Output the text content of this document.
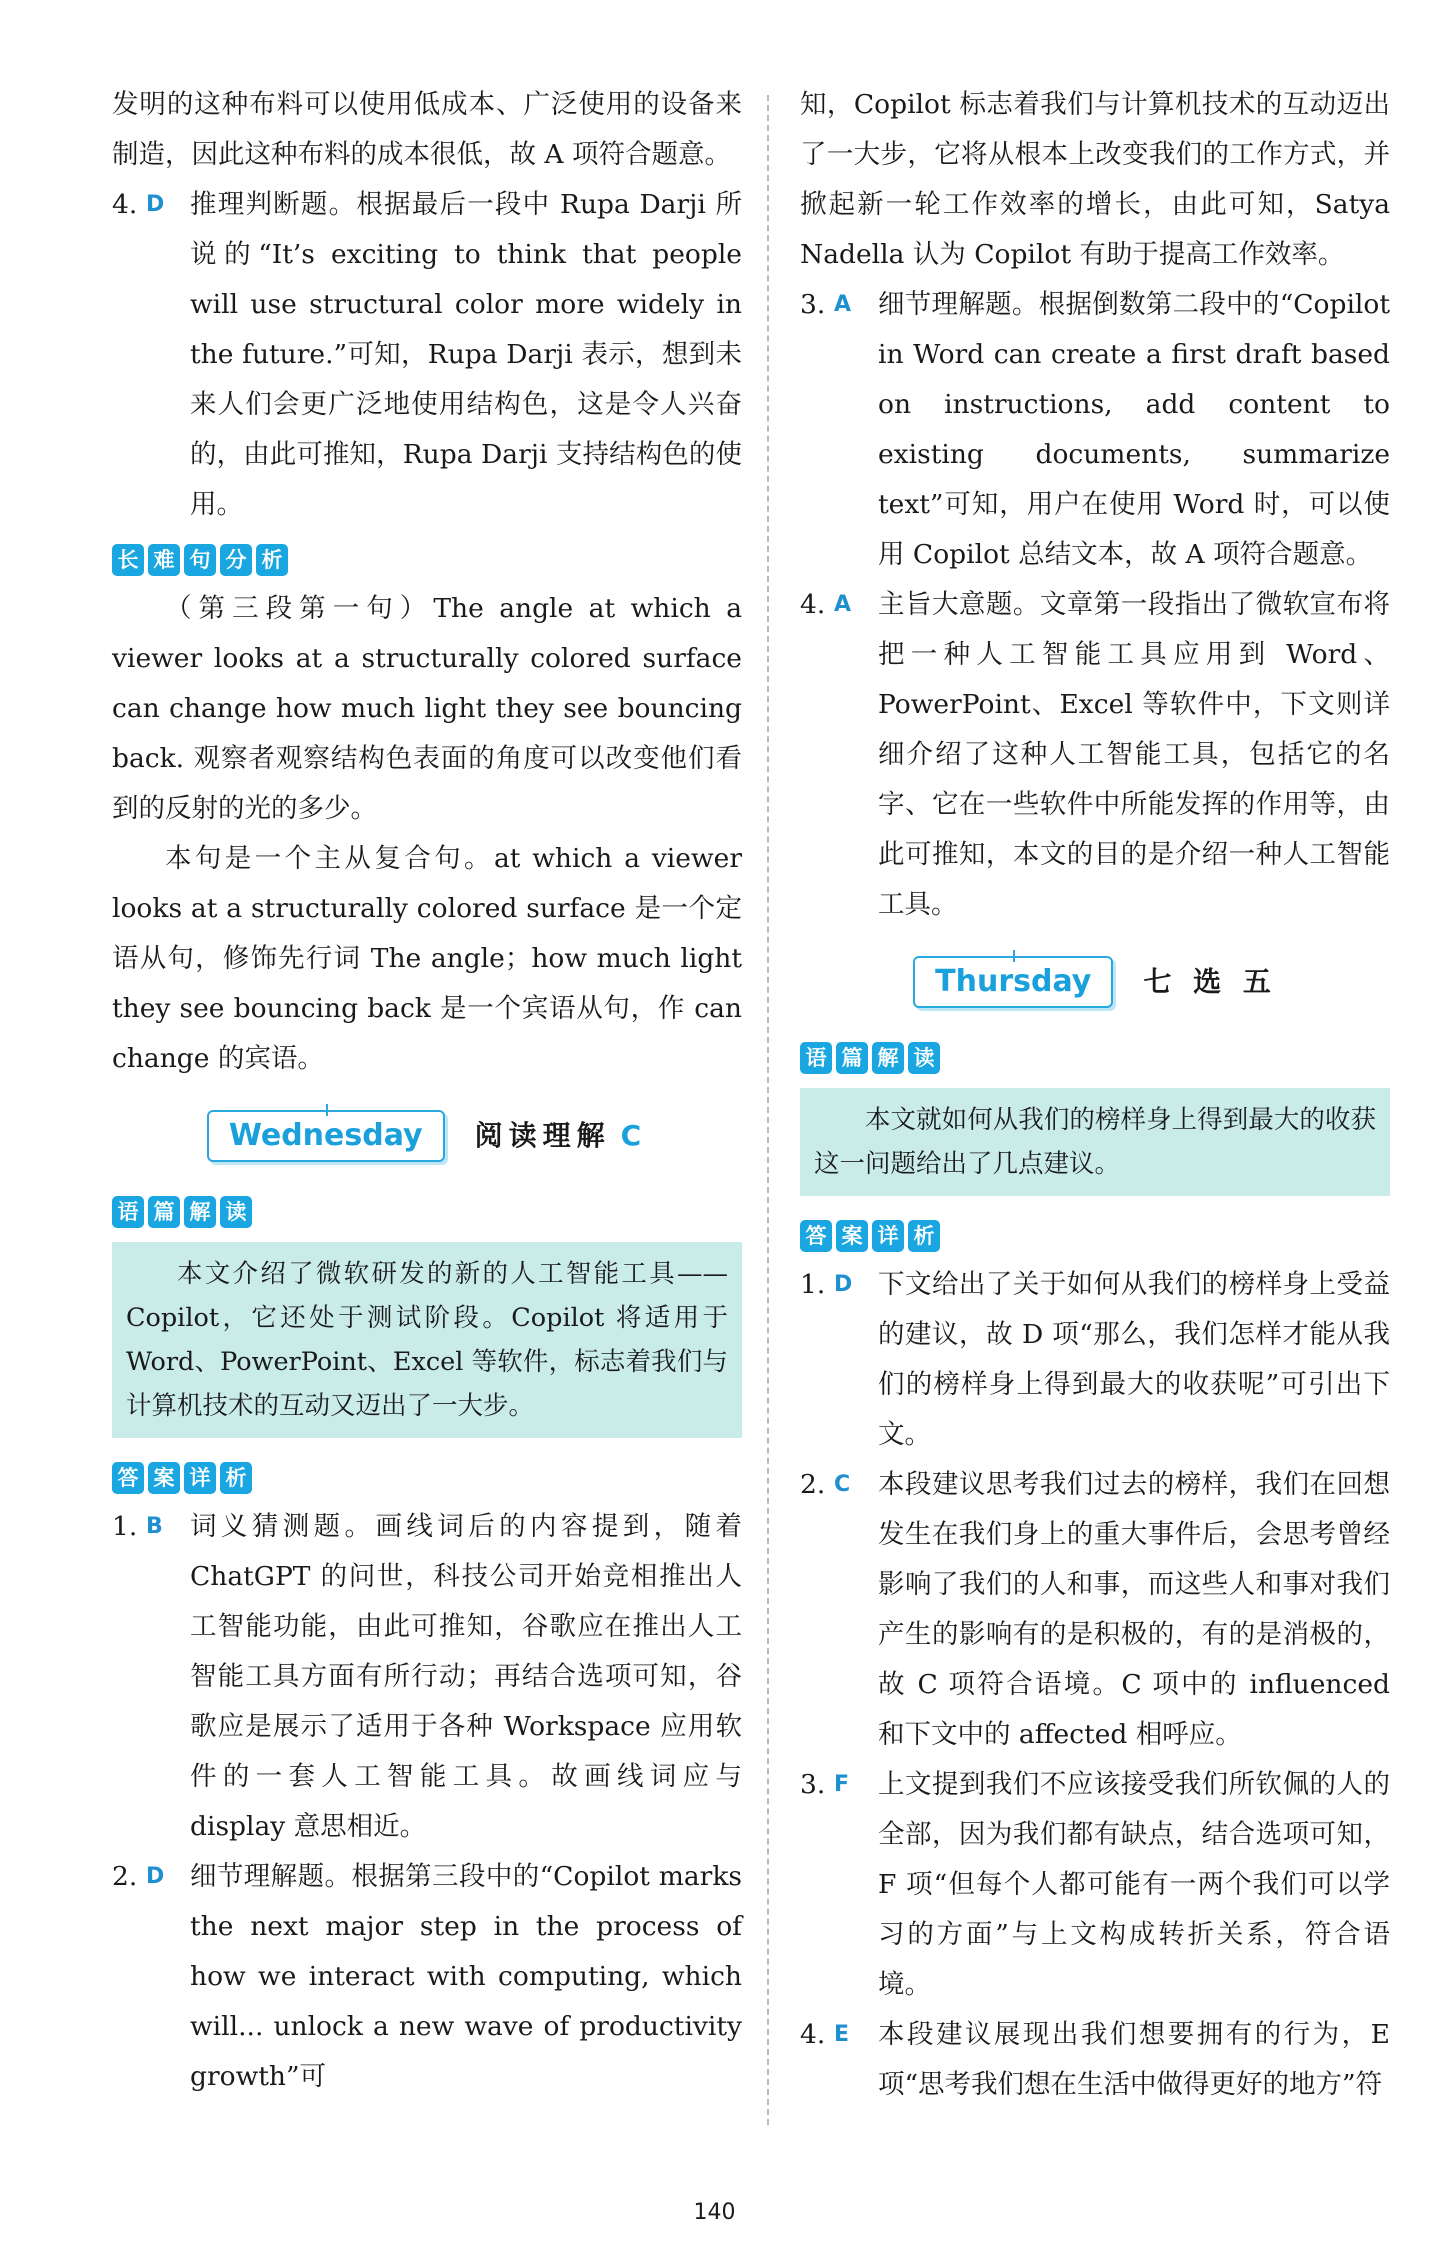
发明的这种布料可以使用低成本、广泛使用的设备来制造，因此这种布料的成本很低，故 A 项符合题意。

4. D 推理判断题。根据最后一段中 Rupa Darji 所说的“It’s exciting to think that people will use structural color more widely in the future.”可知，Rupa Darji 表示，想到未来人们会更广泛地使用结构色，这是令人兴奋的，由此可推知，Rupa Darji 支持结构色的使用。
长 难 句 分 析

（第三段第一句）The angle at which a viewer looks at a structurally colored surface can change how much light they see bouncing back. 观察者观察结构色表面的角度可以改变他们看到的反射的光的多少。

本句是一个主从复合句。at which a viewer looks at a structurally colored surface 是一个定语从句，修饰先行词 The angle；how much light they see bouncing back 是一个宾语从句，作 can change 的宾语。

Wednesday	阅读理解 C
语 篇 解 读
本文介绍了微软研发的新的人工智能工具——Copilot，它还处于测试阶段。Copilot 将适用于 Word、PowerPoint、Excel 等软件，标志着我们与计算机技术的互动又迈出了一大步。
答 案 详 析
1. B	词义猜测题。画线词后的内容提到，随着 ChatGPT 的问世，科技公司开始竞相推出人工智能功能，由此可推知，谷歌应在推出人工智能工具方面有所行动；再结合选项可知，谷歌应是展示了适用于各种 Workspace 应用软件的一套人工智能工具。故画线词应与 display 意思相近。
2. D 细节理解题。根据第三段中的“Copilot marks the next major step in the process of how we interact with computing, which will... unlock a new wave of productivity growth”可

知，Copilot 标志着我们与计算机技术的互动迈出了一大步，它将从根本上改变我们的工作方式，并掀起新一轮工作效率的增长，由此可知，Satya Nadella 认为 Copilot 有助于提高工作效率。

3. A	细节理解题。根据倒数第二段中的“Copilot in Word can create a first draft based on instructions, add content to existing documents, summarize text”可知，用户在使用 Word 时，可以使用 Copilot 总结文本，故 A 项符合题意。
4. A	主旨大意题。文章第一段指出了微软宣布将把一种人工智能工具应用到 Word、PowerPoint、Excel 等软件中，下文则详细介绍了这种人工智能工具，包括它的名字、它在一些软件中所能发挥的作用等，由此可推知，本文的目的是介绍一种人工智能工具。
Thursday	七 选 五
语 篇 解 读
本文就如何从我们的榜样身上得到最大的收获这一问题给出了几点建议。
答 案 详 析
1. D 下文给出了关于如何从我们的榜样身上受益的建议，故 D 项“那么，我们怎样才能从我们的榜样身上得到最大的收获呢”可引出下文。
2. C	本段建议思考我们过去的榜样，我们在回想发生在我们身上的重大事件后，会思考曾经影响了我们的人和事，而这些人和事对我们产生的影响有的是积极的，有的是消极的，故 C 项符合语境。C 项中的 influenced 和下文中的 affected 相呼应。
3. F	上文提到我们不应该接受我们所钦佩的人的全部，因为我们都有缺点，结合选项可知，F 项“但每个人都可能有一两个我们可以学习的方面”与上文构成转折关系，符合语境。
4. E	本段建议展现出我们想要拥有的行为，E 项“思考我们想在生活中做得更好的地方”符
140
